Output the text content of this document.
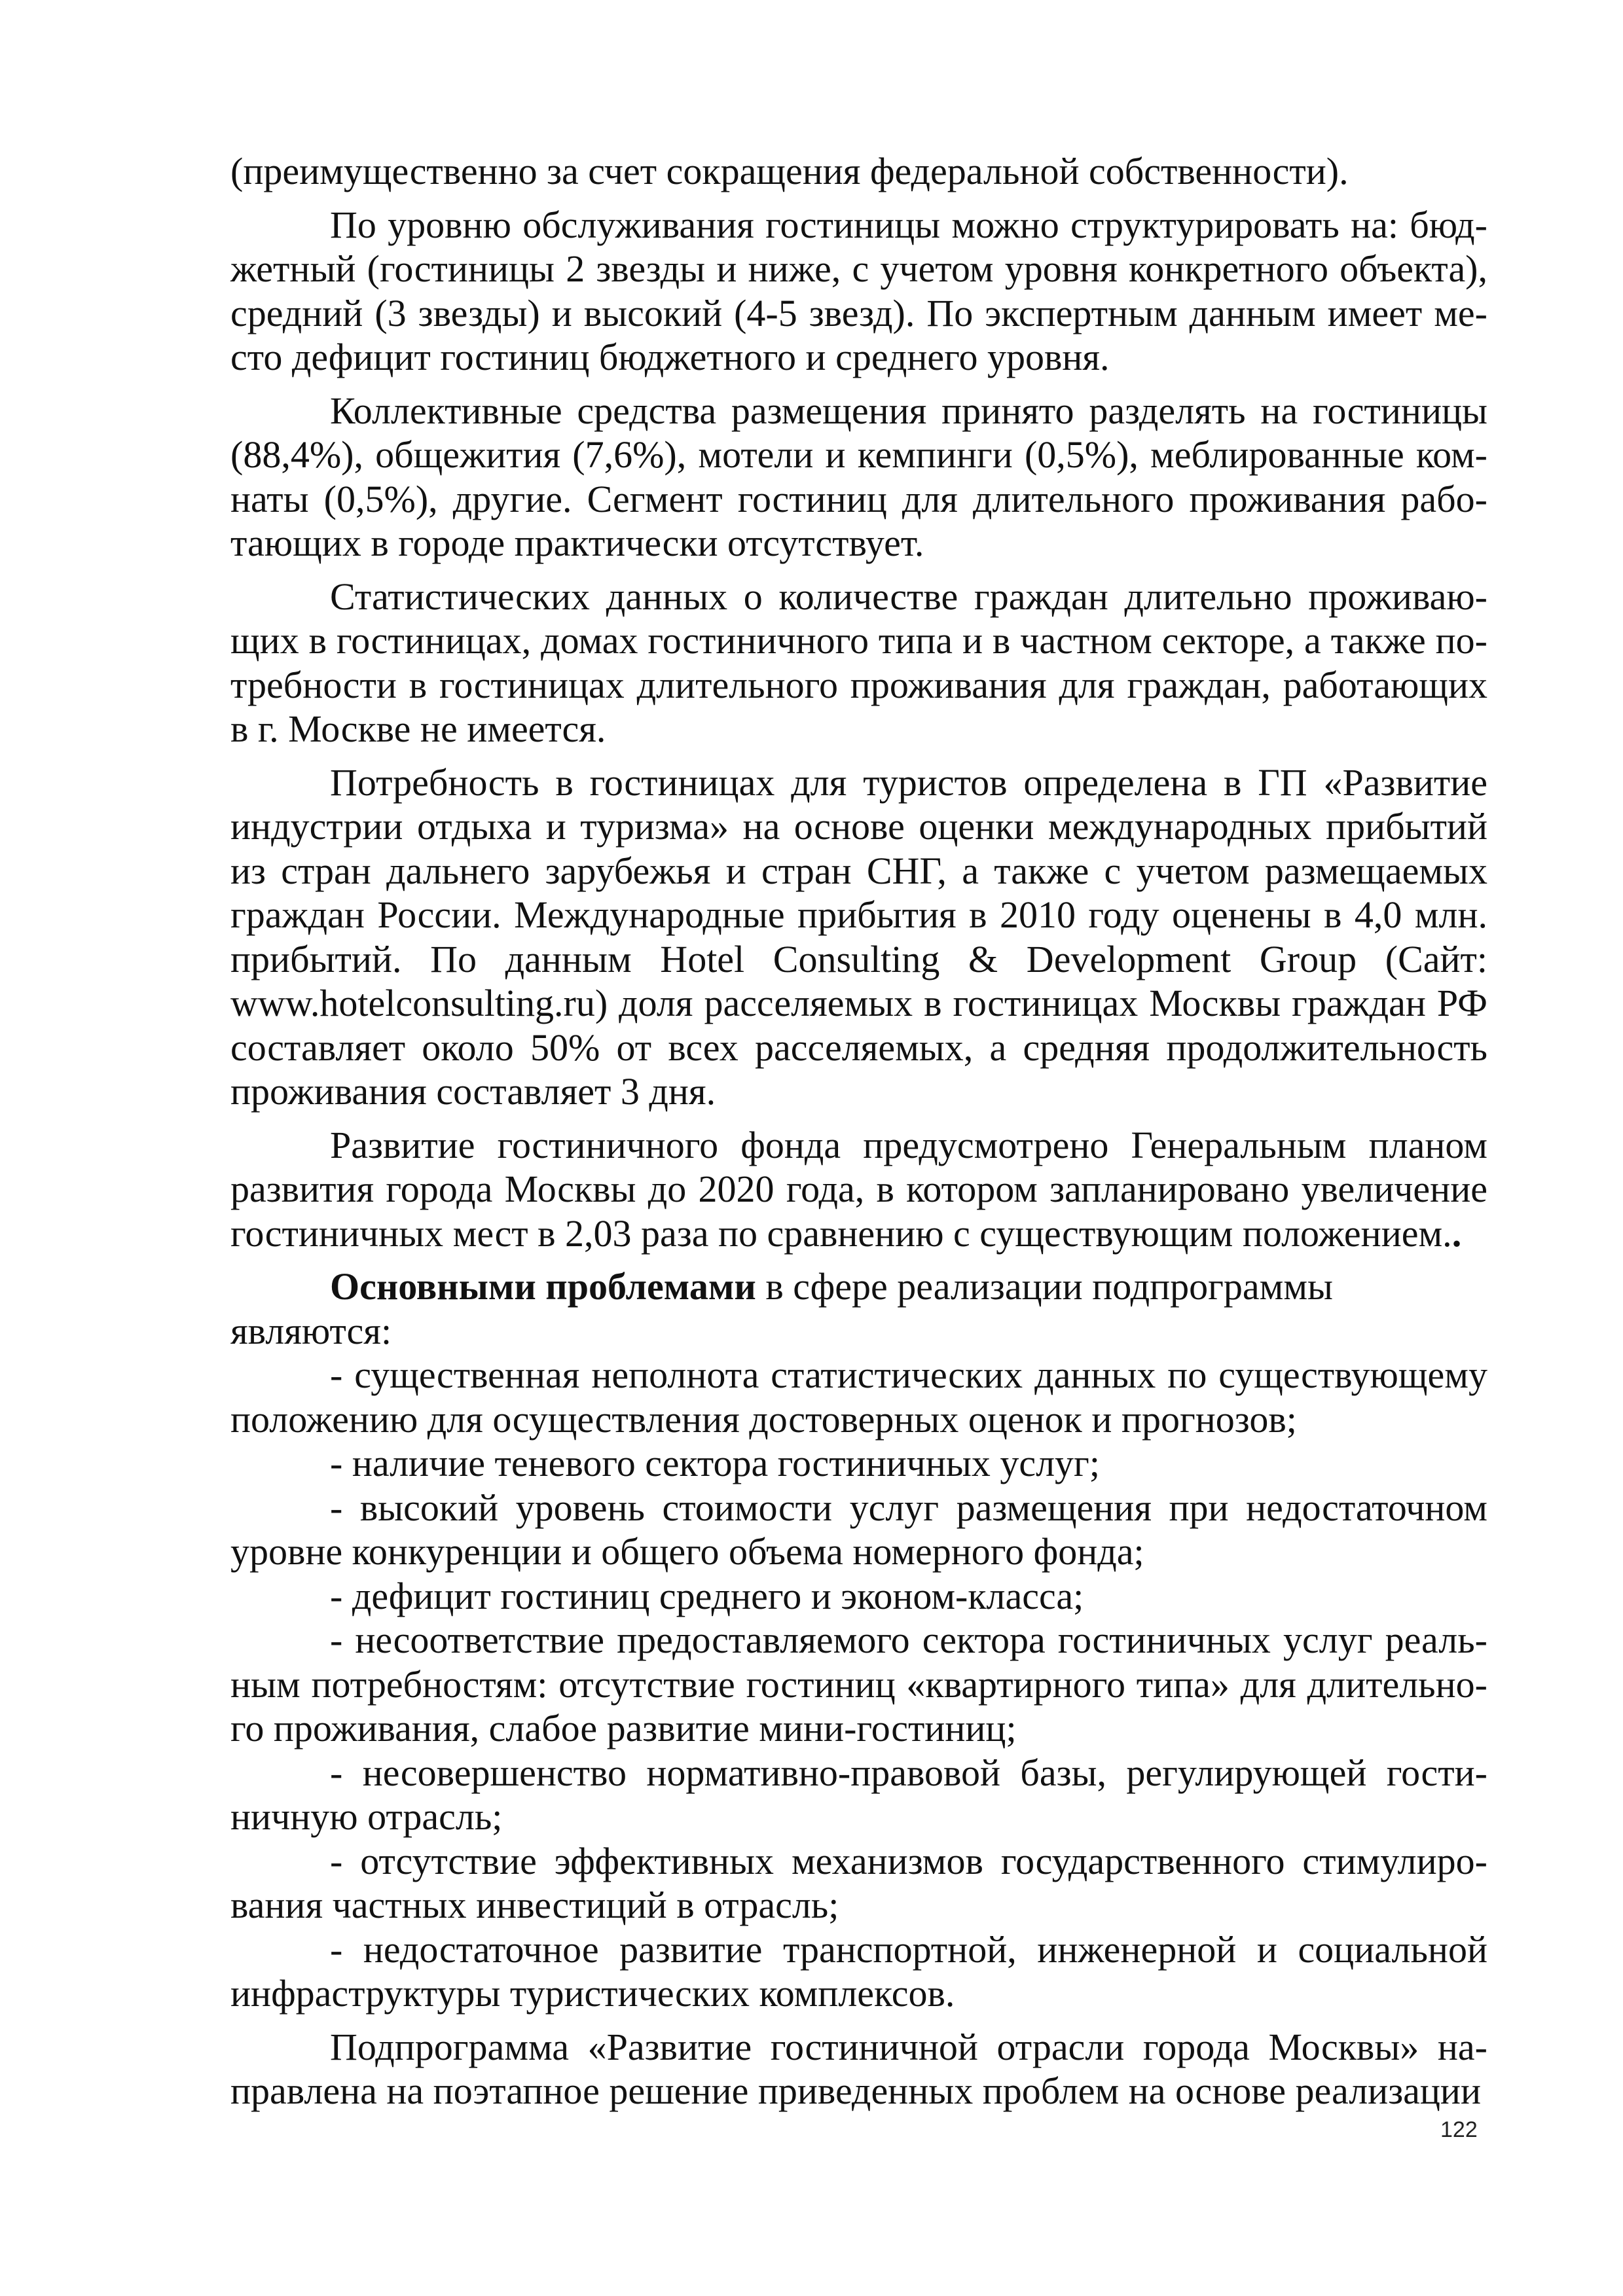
(преимущественно за счет сокращения федеральной собственности).

По уровню обслуживания гостиницы можно структурировать на: бюджетный (гостиницы 2 звезды и ниже, с учетом уровня конкретного объекта), средний (3 звезды) и высокий (4-5 звезд). По экспертным данным имеет место дефицит гостиниц бюджетного и среднего уровня.

Коллективные средства размещения принято разделять на гостиницы (88,4%), общежития (7,6%), мотели и кемпинги (0,5%), меблированные комнаты (0,5%), другие. Сегмент гостиниц для длительного проживания работающих в городе практически отсутствует.

Статистических данных о количестве граждан длительно проживающих в гостиницах, домах гостиничного типа и в частном секторе, а также потребности в гостиницах длительного проживания для граждан, работающих в г. Москве не имеется.

Потребность в гостиницах для туристов определена в ГП «Развитие индустрии отдыха и туризма» на основе оценки международных прибытий из стран дальнего зарубежья и стран СНГ, а также с учетом размещаемых граждан России. Международные прибытия в 2010 году оценены в 4,0 млн. прибытий. По данным Hotel Consulting & Development Group (Сайт: www.hotelconsulting.ru) доля расселяемых в гостиницах Москвы граждан РФ составляет около 50% от всех расселяемых, а средняя продолжительность проживания составляет 3 дня.

Развитие гостиничного фонда предусмотрено Генеральным планом развития города Москвы до 2020 года, в котором запланировано увеличение гостиничных мест в 2,03 раза по сравнению с существующим положением..

Основными проблемами в сфере реализации подпрограммы являются:

- существенная неполнота статистических данных по существующему положению для осуществления достоверных оценок и прогнозов;

- наличие теневого сектора гостиничных услуг;

- высокий уровень стоимости услуг размещения при недостаточном уровне конкуренции и общего объема номерного фонда;

- дефицит гостиниц среднего и эконом-класса;

- несоответствие предоставляемого сектора гостиничных услуг реальным потребностям: отсутствие гостиниц «квартирного типа» для длительного проживания, слабое развитие мини-гостиниц;

- несовершенство нормативно-правовой базы, регулирующей гостиничную отрасль;

- отсутствие эффективных механизмов государственного стимулирования частных инвестиций в отрасль;

- недостаточное развитие транспортной, инженерной и социальной инфраструктуры туристических комплексов.

Подпрограмма «Развитие гостиничной отрасли города Москвы» направлена на поэтапное решение приведенных проблем на основе реализации

122
